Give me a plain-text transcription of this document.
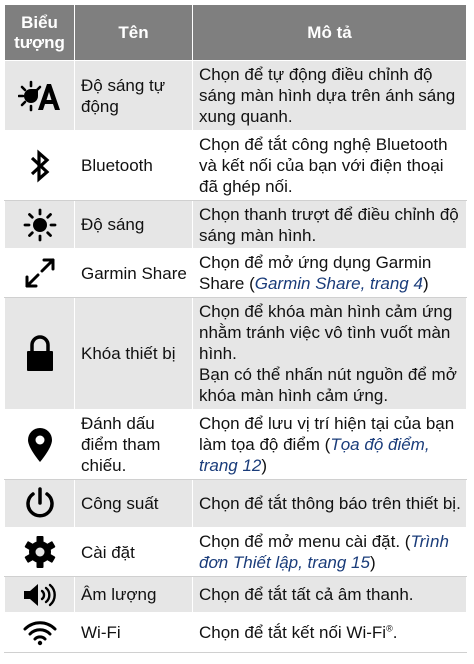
Biểu tượng	Tên	Mô tả

	Độ sáng tự động	Chọn để tự động điều chỉnh độ sáng màn hình dựa trên ánh sáng xung quanh.

	Bluetooth	Chọn để tắt công nghệ Bluetooth và kết nối của bạn với điện thoại đã ghép nối.

	Độ sáng	Chọn thanh trượt để điều chỉnh độ sáng màn hình.

	Garmin Share	Chọn để mở ứng dụng Garmin Share (Garmin Share, trang 4)

	Khóa thiết bị	Chọn để khóa màn hình cảm ứng nhằm tránh việc vô tình vuốt màn hình.
Bạn có thể nhấn nút nguồn để mở khóa màn hình cảm ứng.

	Đánh dấu điểm tham chiếu.	Chọn để lưu vị trí hiện tại của bạn làm tọa độ điểm (Tọa độ điểm, trang 12)

	Công suất	Chọn để tắt thông báo trên thiết bị.

	Cài đặt	Chọn để mở menu cài đặt. (Trình đơn Thiết lập, trang 15)

	Âm lượng	Chọn để tắt tất cả âm thanh.

	Wi-Fi	Chọn để tắt kết nối Wi-Fi®.
